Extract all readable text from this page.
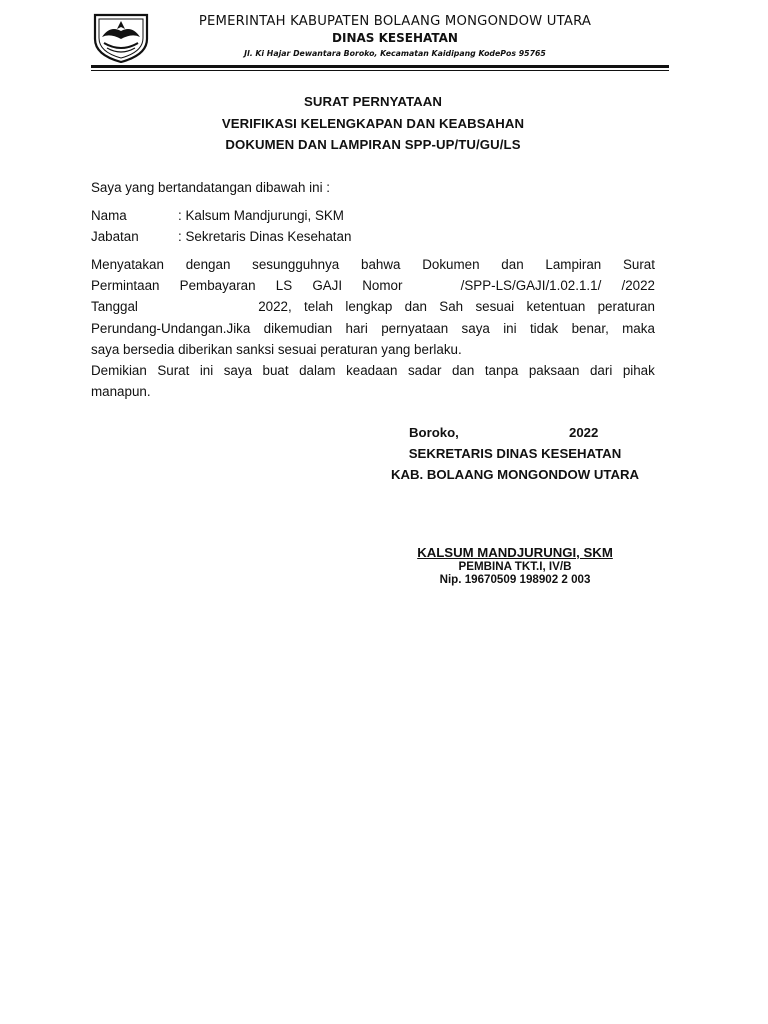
PEMERINTAH KABUPATEN BOLAANG MONGONDOW UTARA
DINAS KESEHATAN
Jl. Ki Hajar Dewantara Boroko, Kecamatan Kaidipang KodePos 95765
SURAT PERNYATAAN
VERIFIKASI KELENGKAPAN DAN KEABSAHAN
DOKUMEN DAN LAMPIRAN SPP-UP/TU/GU/LS
Saya yang bertandatangan dibawah ini :
Nama	: Kalsum Mandjurungi, SKM
Jabatan	: Sekretaris Dinas Kesehatan
Menyatakan dengan sesungguhnya bahwa Dokumen dan Lampiran Surat
Permintaan Pembayaran LS GAJI Nomor	/SPP-LS/GAJI/1.02.1.1/ /2022
Tanggal	2022, telah lengkap dan Sah sesuai ketentuan peraturan
Perundang-Undangan.Jika dikemudian hari pernyataan saya ini tidak benar, maka
saya bersedia diberikan sanksi sesuai peraturan yang berlaku.
Demikian Surat ini saya buat dalam keadaan sadar dan tanpa paksaan dari pihak
manapun.
Boroko,	2022
SEKRETARIS DINAS KESEHATAN
KAB. BOLAANG MONGONDOW UTARA
KALSUM MANDJURUNGI, SKM
PEMBINA TKT.I, IV/B
Nip. 19670509 198902 2 003
